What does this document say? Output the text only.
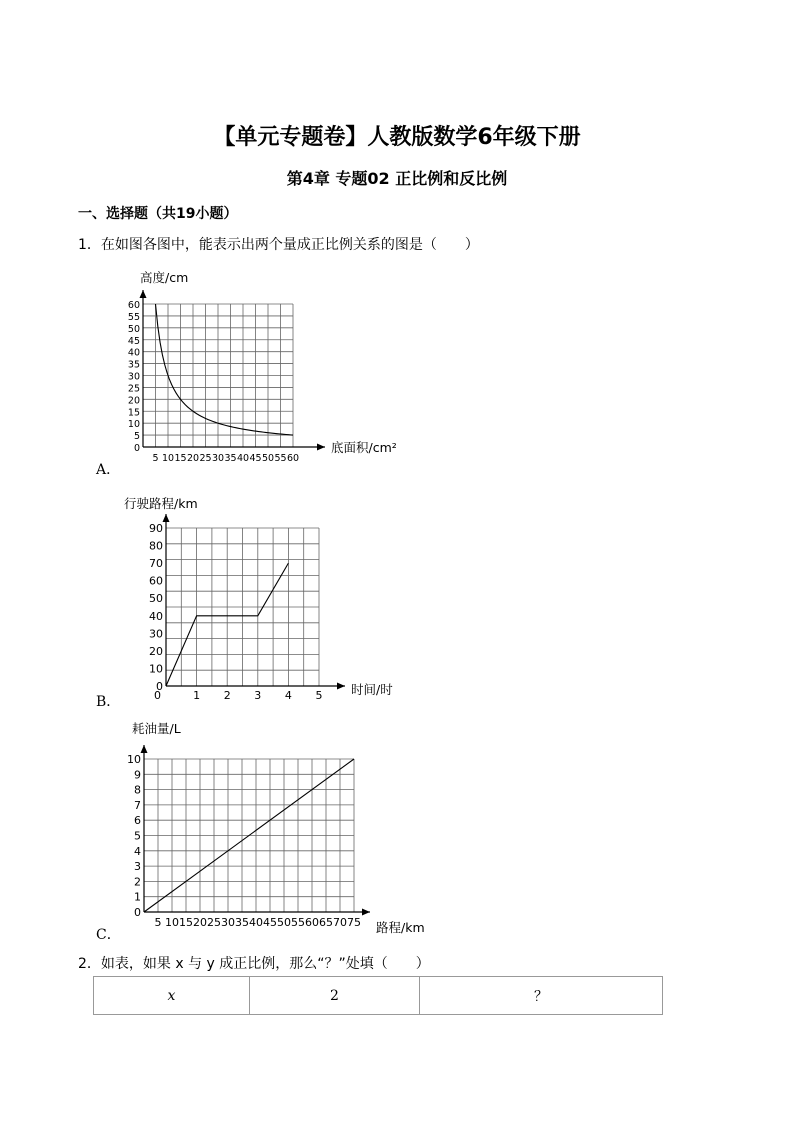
【单元专题卷】人教版数学6年级下册
第4章 专题02 正比例和反比例
一、选择题（共19小题）
1．在如图各图中，能表示出两个量成正比例关系的图是（　　）
0
5
10
15
20
25
30
35
40
45
50
55
60
5 10 15 20 25 30 35 40 45 50 55 60
高度/cm
底面积/cm²
A．
0
10
20
30
40
50
60
70
80
90
0	1 2 3 4 5
行驶路程/km
时间/时
B．
0
1
2
3
4
5
6
7
8
9
10
5 10 15 20 25 30 35 40 45 50 55 60 65 70 75
耗油量/L
路程/km
C．
2．如表，如果 x 与 y 成正比例，那么“？”处填（　　）
x	2	？
